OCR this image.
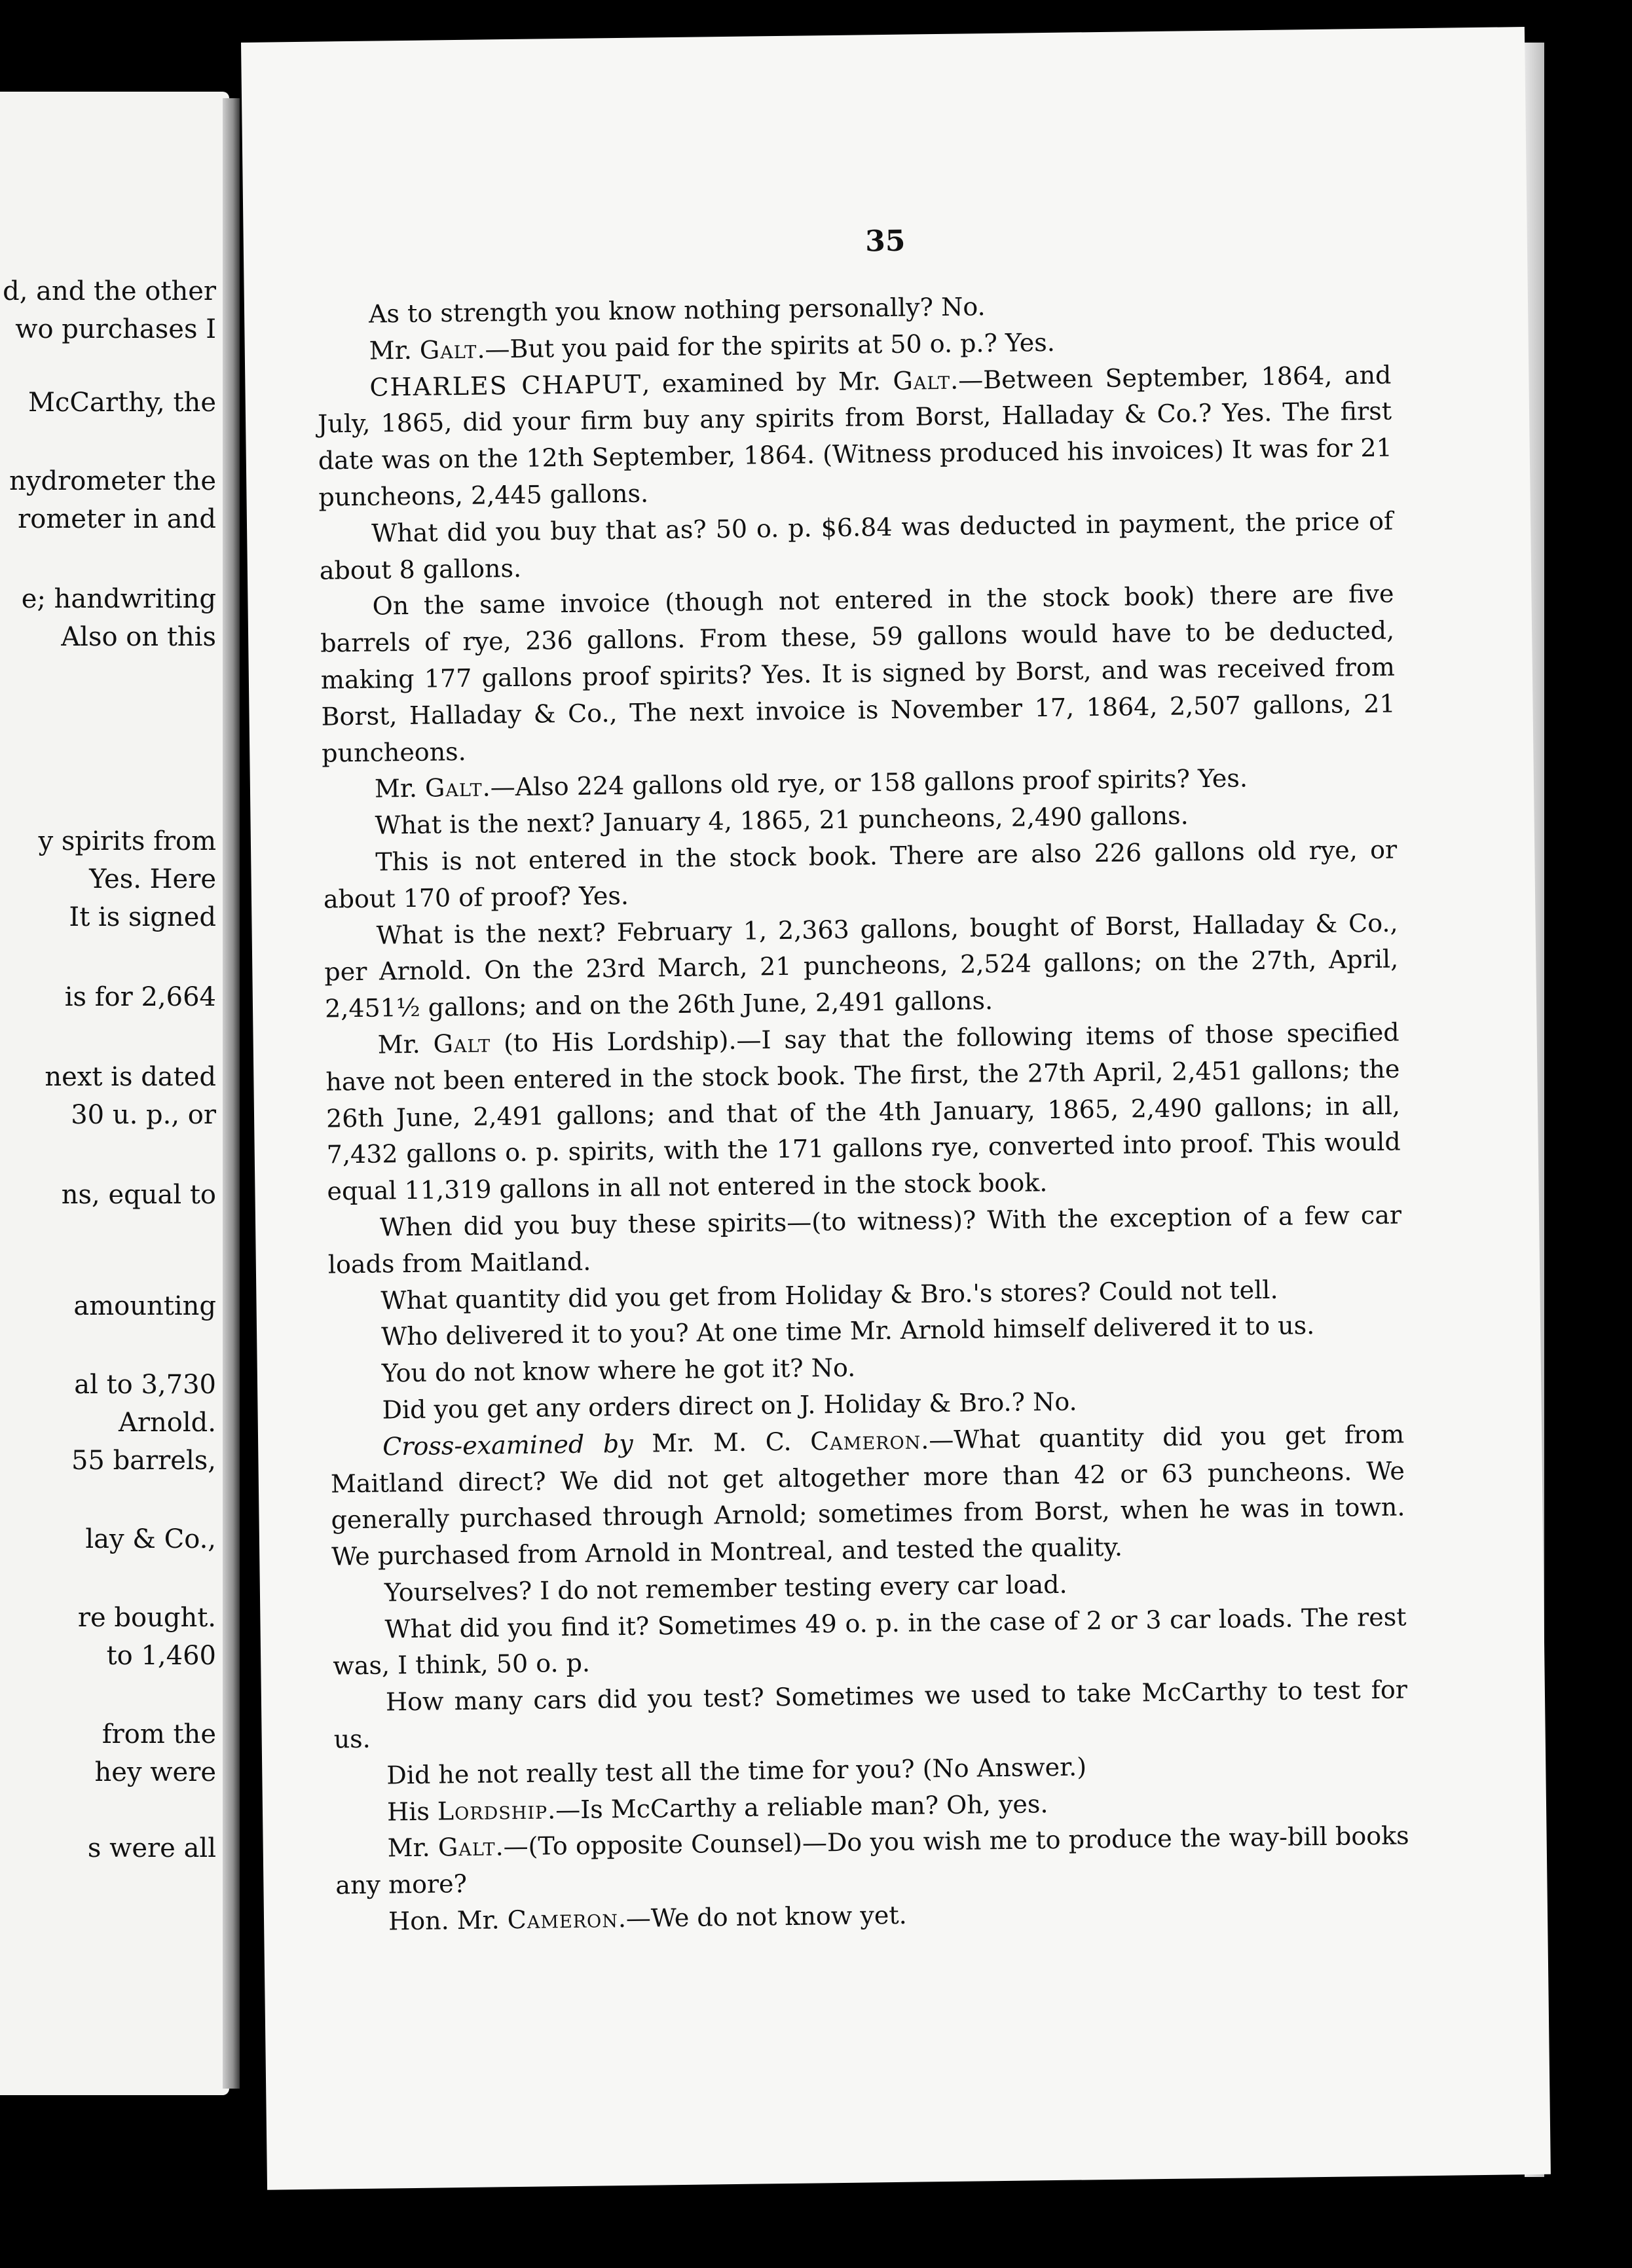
d, and the other
wo purchases I
McCarthy, the
nydrometer the
rometer in and
e; handwriting
Also on this
y spirits from
Yes. Here
It is signed
is for 2,664
next is dated
30 u. p., or
ns, equal to
amounting
al to 3,730
Arnold.
55 barrels,
lay & Co.,
re bought.
to 1,460
from the
hey were
s were all
35

As to strength you know nothing personally? No.

Mr. Galt.—But you paid for the spirits at 50 o. p.? Yes.

CHARLES CHAPUT, examined by Mr. Galt.—Between September, 1864, and July, 1865, did your firm buy any spirits from Borst, Halladay & Co.? Yes. The first date was on the 12th September, 1864. (Witness produced his invoices) It was for 21 puncheons, 2,445 gallons.

What did you buy that as? 50 o. p. $6.84 was deducted in payment, the price of about 8 gallons.

On the same invoice (though not entered in the stock book) there are five barrels of rye, 236 gallons. From these, 59 gallons would have to be deducted, making 177 gallons proof spirits? Yes. It is signed by Borst, and was received from Borst, Halladay & Co., The next invoice is November 17, 1864, 2,507 gallons, 21 puncheons.

Mr. Galt.—Also 224 gallons old rye, or 158 gallons proof spirits? Yes.

What is the next? January 4, 1865, 21 puncheons, 2,490 gallons.

This is not entered in the stock book. There are also 226 gallons old rye, or about 170 of proof? Yes.

What is the next? February 1, 2,363 gallons, bought of Borst, Halladay & Co., per Arnold. On the 23rd March, 21 puncheons, 2,524 gallons; on the 27th, April, 2,451½ gallons; and on the 26th June, 2,491 gallons.

Mr. Galt (to His Lordship).—I say that the following items of those specified have not been entered in the stock book. The first, the 27th April, 2,451 gallons; the 26th June, 2,491 gallons; and that of the 4th January, 1865, 2,490 gallons; in all, 7,432 gallons o. p. spirits, with the 171 gallons rye, converted into proof. This would equal 11,319 gallons in all not entered in the stock book.

When did you buy these spirits—(to witness)? With the exception of a few car loads from Maitland.

What quantity did you get from Holiday & Bro.'s stores? Could not tell.

Who delivered it to you? At one time Mr. Arnold himself delivered it to us.

You do not know where he got it? No.

Did you get any orders direct on J. Holiday & Bro.? No.

Cross-examined by Mr. M. C. Cameron.—What quantity did you get from Maitland direct? We did not get altogether more than 42 or 63 puncheons. We generally purchased through Arnold; sometimes from Borst, when he was in town. We purchased from Arnold in Montreal, and tested the quality.

Yourselves? I do not remember testing every car load.

What did you find it? Sometimes 49 o. p. in the case of 2 or 3 car loads. The rest was, I think, 50 o. p.

How many cars did you test? Sometimes we used to take McCarthy to test for us.

Did he not really test all the time for you? (No Answer.)

His Lordship.—Is McCarthy a reliable man? Oh, yes.

Mr. Galt.—(To opposite Counsel)—Do you wish me to produce the way-bill books any more?

Hon. Mr. Cameron.—We do not know yet.
